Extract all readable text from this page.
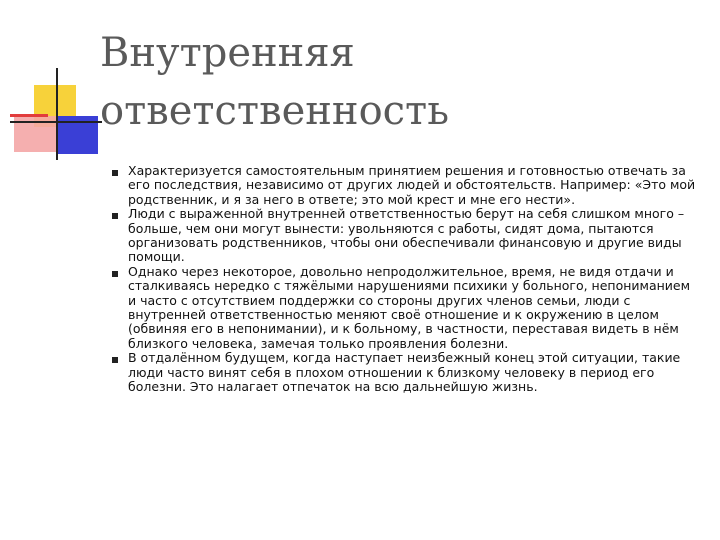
Внутренняя
ответственность
Характеризуется самостоятельным принятием решения и готовностью отвечать за его последствия, независимо от других людей и обстоятельств. Например: «Это мой родственник, и я за него в ответе; это мой крест и мне его нести».
Люди с выраженной внутренней ответственностью берут на себя слишком много – больше, чем они могут вынести: увольняются с работы, сидят дома, пытаются организовать родственников, чтобы они обеспечивали финансовую и другие виды помощи.
Однако через некоторое, довольно непродолжительное, время, не видя отдачи и сталкиваясь нередко с тяжёлыми нарушениями психики у больного, непониманием и часто с отсутствием поддержки со стороны других членов семьи, люди с внутренней ответственностью меняют своё отношение и к окружению в целом (обвиняя его в непонимании), и к больному, в частности, переставая видеть в нём близкого человека, замечая только проявления болезни.
В отдалённом будущем, когда наступает неизбежный конец этой ситуации, такие люди часто винят себя в плохом отношении к близкому человеку в период его болезни. Это налагает отпечаток на всю дальнейшую жизнь.
